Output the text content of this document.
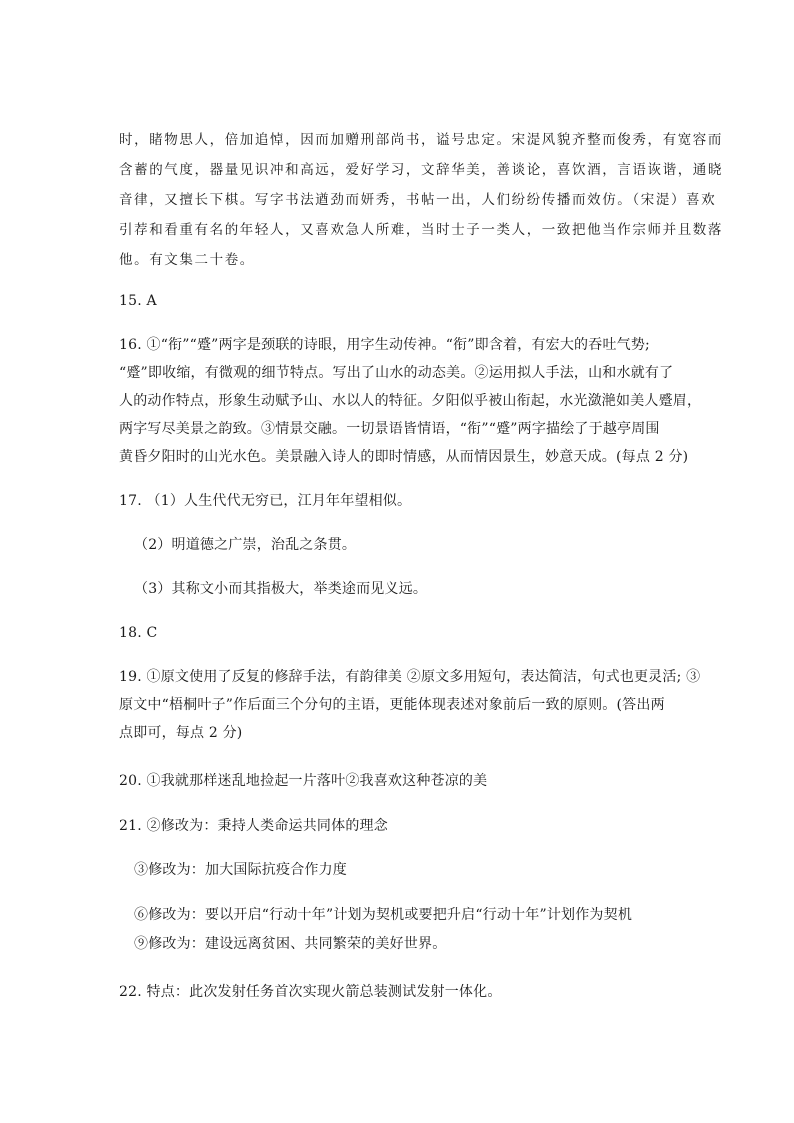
时，睹物思人，倍加追悼，因而加赠刑部尚书，谥号忠定。宋湜风貌齐整而俊秀，有宽容而
含蓄的气度，器量见识冲和高远，爱好学习，文辞华美，善谈论，喜饮酒，言语诙谐，通晓
音律，又擅长下棋。写字书法遒劲而妍秀，书帖一出，人们纷纷传播而效仿。（宋湜）喜欢
引荐和看重有名的年轻人，又喜欢急人所难，当时士子一类人，一致把他当作宗师并且数落
他。有文集二十卷。
15. A
16. ①“衔”“蹙”两字是颈联的诗眼，用字生动传神。“衔”即含着，有宏大的吞吐气势;
“蹙”即收缩，有微观的细节特点。写出了山水的动态美。②运用拟人手法，山和水就有了
人的动作特点，形象生动赋予山、水以人的特征。夕阳似乎被山衔起，水光潋滟如美人蹙眉，
两字写尽美景之韵致。③情景交融。一切景语皆情语，“衔”“蹙”两字描绘了于越亭周围
黄昏夕阳时的山光水色。美景融入诗人的即时情感，从而情因景生，妙意天成。(每点 2 分)
17. （1）人生代代无穷已，江月年年望相似。
（2）明道德之广崇，治乱之条贯。
（3）其称文小而其指极大，举类途而见义远。
18. C
19. ①原文使用了反复的修辞手法，有韵律美 ②原文多用短句，表达简洁，句式也更灵活; ③
原文中“梧桐叶子”作后面三个分句的主语，更能体现表述对象前后一致的原则。(答出两
点即可，每点 2 分)
20. ①我就那样迷乱地捡起一片落叶②我喜欢这种苍凉的美
21. ②修改为：秉持人类命运共同体的理念
③修改为：加大国际抗疫合作力度
⑥修改为：要以开启“行动十年”计划为契机或要把升启“行动十年”计划作为契机
⑨修改为：建设远离贫困、共同繁荣的美好世界。
22. 特点：此次发射任务首次实现火箭总装测试发射一体化。
